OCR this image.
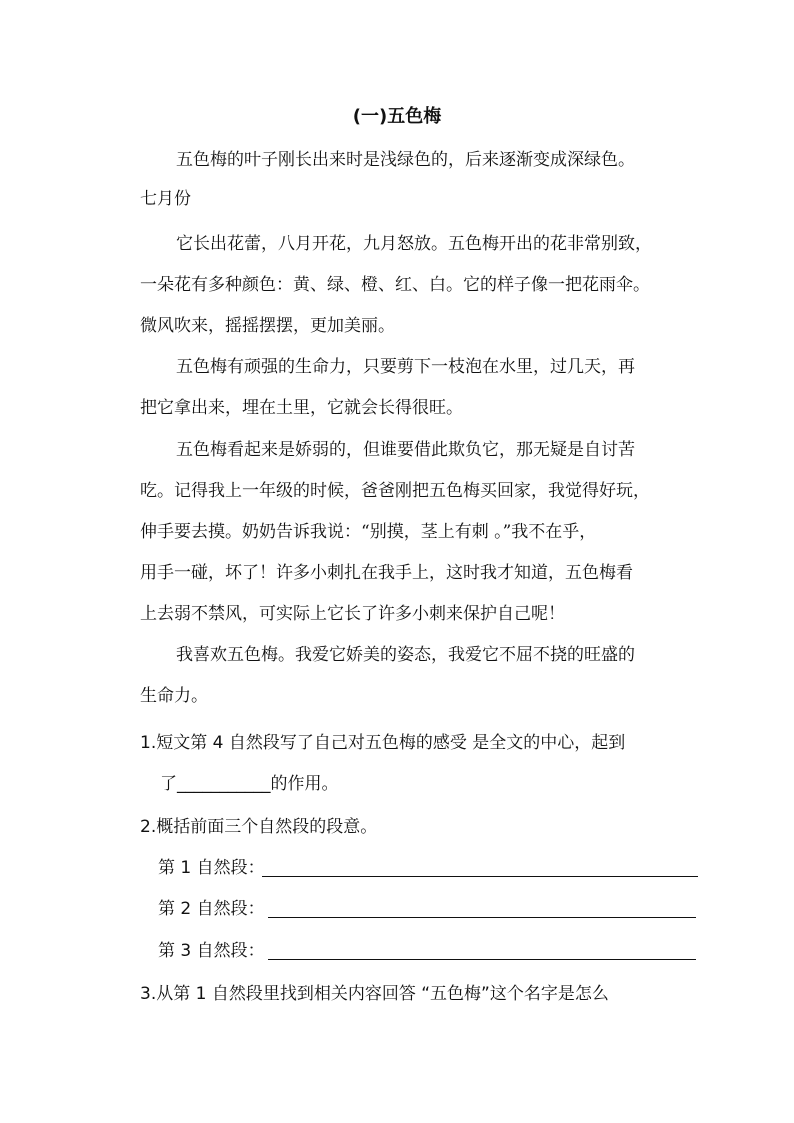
(一)五色梅
五色梅的叶子刚长出来时是浅绿色的，后来逐渐变成深绿色。
七月份
它长出花蕾，八月开花，九月怒放。五色梅开出的花非常别致，
一朵花有多种颜色：黄、绿、橙、红、白。它的样子像一把花雨伞。
微风吹来，摇摇摆摆，更加美丽。
五色梅有顽强的生命力，只要剪下一枝泡在水里，过几天，再
把它拿出来，埋在土里，它就会长得很旺。
五色梅看起来是娇弱的，但谁要借此欺负它，那无疑是自讨苦
吃。记得我上一年级的时候，爸爸刚把五色梅买回家，我觉得好玩，
伸手要去摸。奶奶告诉我说：“别摸，茎上有刺 。”我不在乎，
用手一碰，坏了！许多小刺扎在我手上，这时我才知道，五色梅看
上去弱不禁风，可实际上它长了许多小刺来保护自己呢！
我喜欢五色梅。我爱它娇美的姿态，我爱它不屈不挠的旺盛的
生命力。
1.短文第 4 自然段写了自己对五色梅的感受 是全文的中心，起到
了___________的作用。
2.概括前面三个自然段的段意。
第 1 自然段：
第 2 自然段：
第 3 自然段：
3.从第 1 自然段里找到相关内容回答 “五色梅”这个名字是怎么
